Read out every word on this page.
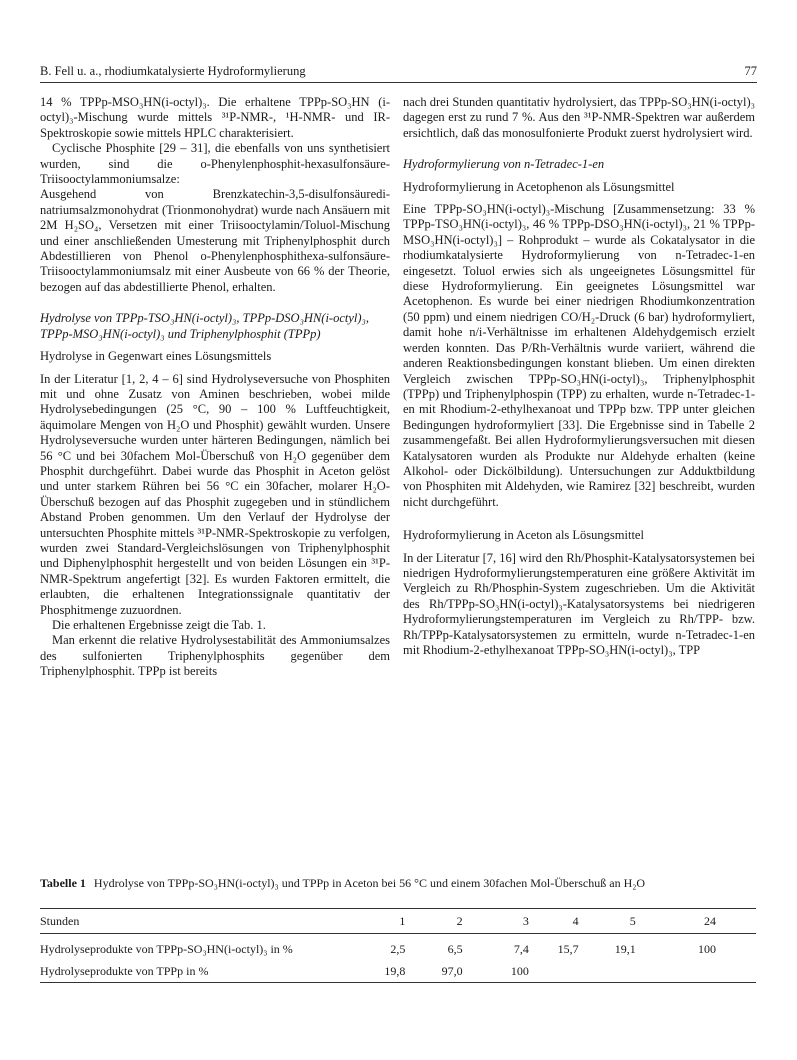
B. Fell u. a., rhodiumkatalysierte Hydroformylierung	77

14 % TPPp-MSO₃HN(i-octyl)₃. Die erhaltene TPPp-SO₃HN (i-octyl)₃-Mischung wurde mittels ³¹P-NMR-, ¹H-NMR- und IR-Spektroskopie sowie mittels HPLC charakterisiert.

Cyclische Phosphite [29 – 31], die ebenfalls von uns synthetisiert wurden, sind die o-Phenylenphosphit-hexasulfonsäure-Triisooctylammoniumsalze:

Ausgehend von Brenzkatechin-3,5-disulfonsäuredi-natriumsalzmonohydrat (Trionmonohydrat) wurde nach Ansäuern mit 2M H₂SO₄, Versetzen mit einer Triisooctylamin/Toluol-Mischung und einer anschließenden Umesterung mit Triphenylphosphit durch Abdestillieren von Phenol o-Phenylenphosphithexa-sulfonsäure-Triisooctylammoniumsalz mit einer Ausbeute von 66 % der Theorie, bezogen auf das abdestillierte Phenol, erhalten.

Hydrolyse von TPPp-TSO₃HN(i-octyl)₃, TPPp-DSO₃HN(i-octyl)₃, TPPp-MSO₃HN(i-octyl)₃ und Triphenylphosphit (TPPp)
Hydrolyse in Gegenwart eines Lösungsmittels

In der Literatur [1, 2, 4 – 6] sind Hydrolyseversuche von Phosphiten mit und ohne Zusatz von Aminen beschrieben, wobei milde Hydrolysebedingungen (25 °C, 90 – 100 % Luftfeuchtigkeit, äquimolare Mengen von H₂O und Phosphit) gewählt wurden. Unsere Hydrolyseversuche wurden unter härteren Bedingungen, nämlich bei 56 °C und bei 30fachem Mol-Überschuß von H₂O gegenüber dem Phosphit durchgeführt. Dabei wurde das Phosphit in Aceton gelöst und unter starkem Rühren bei 56 °C ein 30facher, molarer H₂O-Überschuß bezogen auf das Phosphit zugegeben und in stündlichem Abstand Proben genommen. Um den Verlauf der Hydrolyse der untersuchten Phosphite mittels ³¹P-NMR-Spektroskopie zu verfolgen, wurden zwei Standard-Vergleichslösungen von Triphenylphosphit und Diphenylphosphit hergestellt und von beiden Lösungen ein ³¹P-NMR-Spektrum angefertigt [32]. Es wurden Faktoren ermittelt, die erlaubten, die erhaltenen Integrationssignale quantitativ der Phosphitmenge zuzuordnen.

Die erhaltenen Ergebnisse zeigt die Tab. 1.

Man erkennt die relative Hydrolysestabilität des Ammoniumsalzes des sulfonierten Triphenylphosphits gegenüber dem Triphenylphosphit. TPPp ist bereits

nach drei Stunden quantitativ hydrolysiert, das TPPp-SO₃HN(i-octyl)₃ dagegen erst zu rund 7 %. Aus den ³¹P-NMR-Spektren war außerdem ersichtlich, daß das monosulfonierte Produkt zuerst hydrolysiert wird.

Hydroformylierung von n-Tetradec-1-en
Hydroformylierung in Acetophenon als Lösungsmittel

Eine TPPp-SO₃HN(i-octyl)₃-Mischung [Zusammensetzung: 33 % TPPp-TSO₃HN(i-octyl)₃, 46 % TPPp-DSO₃HN(i-octyl)₃, 21 % TPPp-MSO₃HN(i-octyl)₃] – Rohprodukt – wurde als Cokatalysator in die rhodiumkatalysierte Hydroformylierung von n-Tetradec-1-en eingesetzt. Toluol erwies sich als ungeeignetes Lösungsmittel für diese Hydroformylierung. Ein geeignetes Lösungsmittel war Acetophenon. Es wurde bei einer niedrigen Rhodiumkonzentration (50 ppm) und einem niedrigen CO/H₂-Druck (6 bar) hydroformyliert, damit hohe n/i-Verhältnisse im erhaltenen Aldehydgemisch erzielt werden konnten. Das P/Rh-Verhältnis wurde variiert, während die anderen Reaktionsbedingungen konstant blieben. Um einen direkten Vergleich zwischen TPPp-SO₃HN(i-octyl)₃, Triphenylphosphit (TPPp) und Triphenylphospin (TPP) zu erhalten, wurde n-Tetradec-1-en mit Rhodium-2-ethylhexanoat und TPPp bzw. TPP unter gleichen Bedingungen hydroformyliert [33]. Die Ergebnisse sind in Tabelle 2 zusammengefaßt. Bei allen Hydroformylierungsversuchen mit diesen Katalysatoren wurden als Produkte nur Aldehyde erhalten (keine Alkohol- oder Dickölbildung). Untersuchungen zur Adduktbildung von Phosphiten mit Aldehyden, wie Ramirez [32] beschreibt, wurden nicht durchgeführt.

Hydroformylierung in Aceton als Lösungsmittel

In der Literatur [7, 16] wird den Rh/Phosphit-Katalysatorsystemen bei niedrigen Hydroformylierungstemperaturen eine größere Aktivität im Vergleich zu Rh/Phosphin-System zugeschrieben. Um die Aktivität des Rh/TPPp-SO₃HN(i-octyl)₃-Katalysatorsystems bei niedrigeren Hydroformylierungstemperaturen im Vergleich zu Rh/TPP- bzw. Rh/TPPp-Katalysatorsystemen zu ermitteln, wurde n-Tetradec-1-en mit Rhodium-2-ethylhexanoat TPPp-SO₃HN(i-octyl)₃, TPP

Tabelle 1 Hydrolyse von TPPp-SO₃HN(i-octyl)₃ und TPPp in Aceton bei 56 °C und einem 30fachen Mol-Überschuß an H₂O
Stunden	1	2	3	4	5	24
Hydrolyseprodukte von TPPp-SO₃HN(i-octyl)₃ in %	2,5	6,5	7,4	15,7	19,1	100
Hydrolyseprodukte von TPPp in %	19,8	97,0	100			
